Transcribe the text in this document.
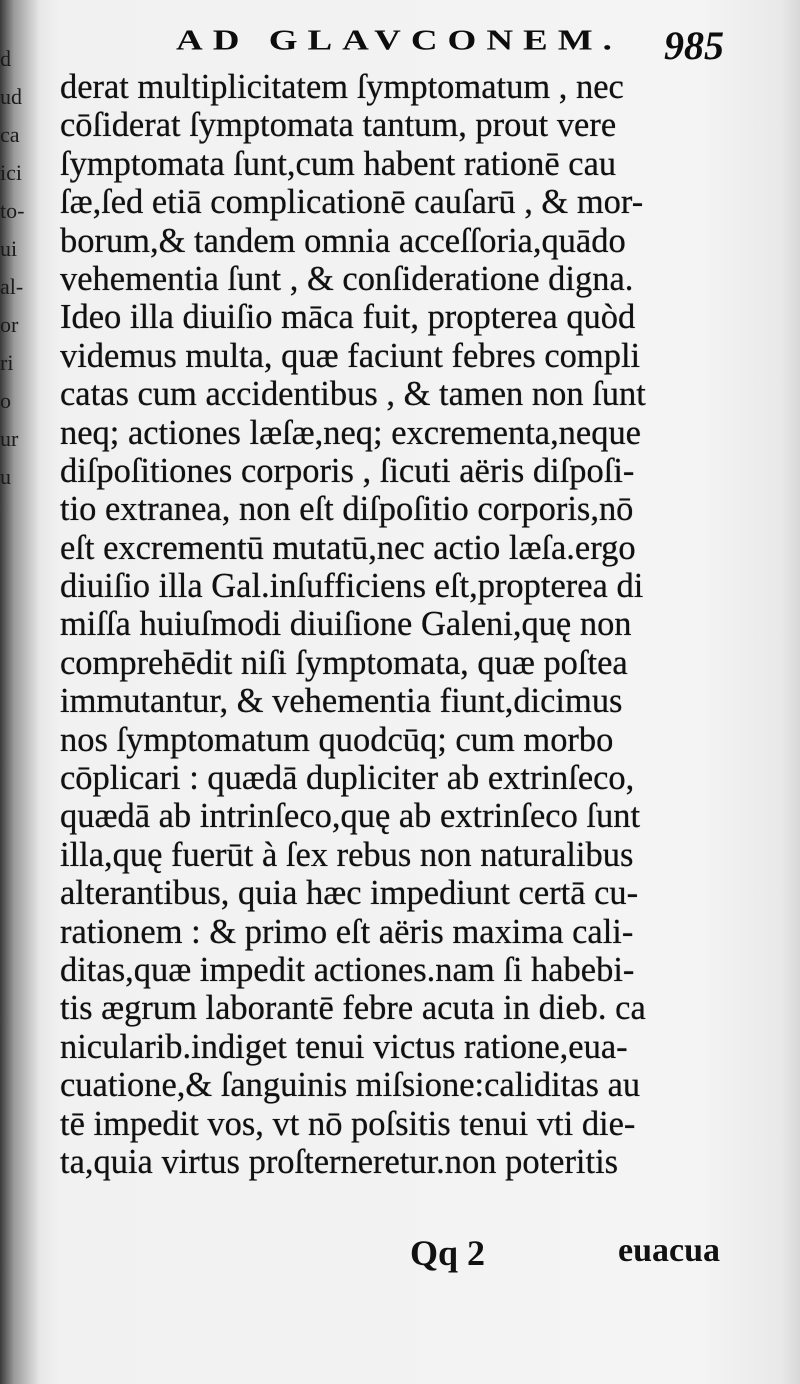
d
ud
ca
ici
to-
ui
al-
or
ri
o
ur
u
AD GLAVCONEM. 985
derat multiplicitatem ſymptomatum , nec
cōſiderat ſymptomata tantum, prout vere
ſymptomata ſunt,cum habent rationē cau
ſæ,ſed etiā complicationē cauſarū , & mor-
borum,& tandem omnia acceſſoria,quādo
vehementia ſunt , & conſideratione digna.
Ideo illa diuiſio māca fuit, propterea quòd
videmus multa, quæ faciunt febres compli
catas cum accidentibus , & tamen non ſunt
neq; actiones læſæ,neq; excrementa,neque
diſpoſitiones corporis , ſicuti aëris diſpoſi-
tio extranea, non eſt diſpoſitio corporis,nō
eſt excrementū mutatū,nec actio læſa.ergo
diuiſio illa Gal.inſufficiens eſt,propterea di
miſſa huiuſmodi diuiſione Galeni,quę non
comprehēdit niſi ſymptomata, quæ poſtea
immutantur, & vehementia fiunt,dicimus
nos ſymptomatum quodcūq; cum morbo
cōplicari : quædā dupliciter ab extrinſeco,
quædā ab intrinſeco,quę ab extrinſeco ſunt
illa,quę fuerūt à ſex rebus non naturalibus
alterantibus, quia hæc impediunt certā cu-
rationem : & primo eſt aëris maxima cali-
ditas,quæ impedit actiones.nam ſi habebi-
tis ægrum laborantē febre acuta in dieb. ca
nicularib.indiget tenui victus ratione,eua-
cuatione,& ſanguinis miſsione:caliditas au
tē impedit vos, vt nō poſsitis tenui vti die-
ta,quia virtus proſterneretur.non poteritis
Qq 2	euacua
